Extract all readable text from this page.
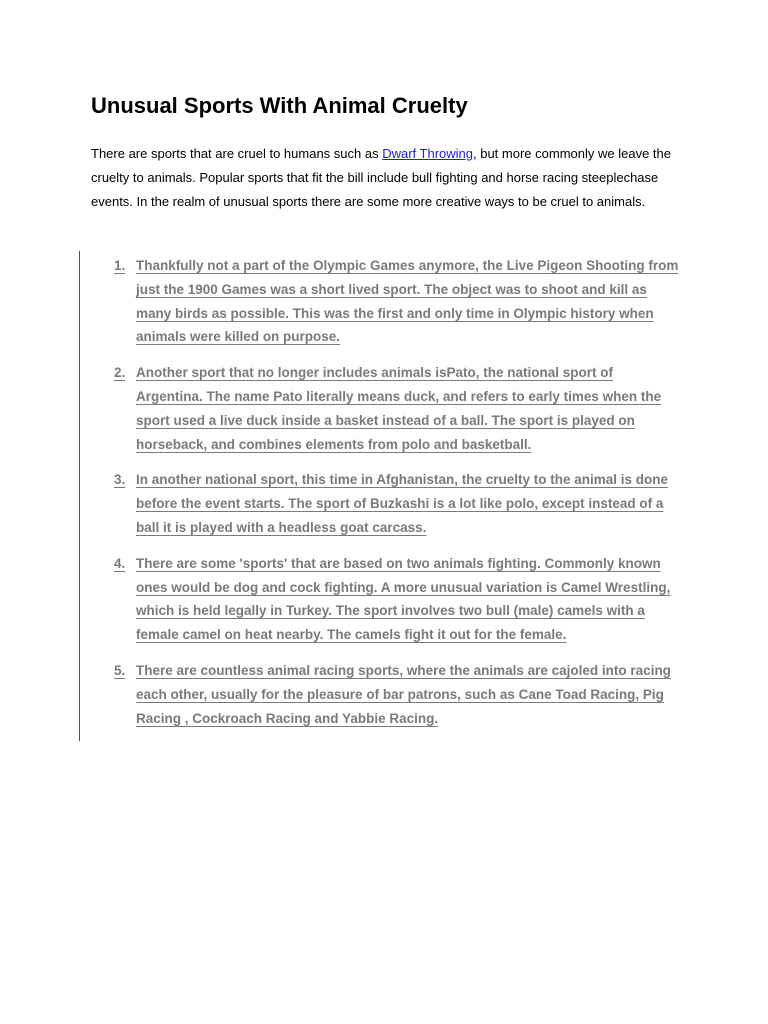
Unusual Sports With Animal Cruelty

There are sports that are cruel to humans such as Dwarf Throwing, but more commonly we leave the cruelty to animals. Popular sports that fit the bill include bull fighting and horse racing steeplechase events. In the realm of unusual sports there are some more creative ways to be cruel to animals.

1. Thankfully not a part of the Olympic Games anymore, the Live Pigeon Shooting from just the 1900 Games was a short lived sport. The object was to shoot and kill as many birds as possible. This was the first and only time in Olympic history when animals were killed on purpose.
2. Another sport that no longer includes animals isPato, the national sport of Argentina. The name Pato literally means duck, and refers to early times when the sport used a live duck inside a basket instead of a ball. The sport is played on horseback, and combines elements from polo and basketball.
3. In another national sport, this time in Afghanistan, the cruelty to the animal is done before the event starts. The sport of Buzkashi is a lot like polo, except instead of a ball it is played with a headless goat carcass.
4. There are some 'sports' that are based on two animals fighting. Commonly known ones would be dog and cock fighting. A more unusual variation is Camel Wrestling, which is held legally in Turkey. The sport involves two bull (male) camels with a female camel on heat nearby. The camels fight it out for the female.
5. There are countless animal racing sports, where the animals are cajoled into racing each other, usually for the pleasure of bar patrons, such as Cane Toad Racing, Pig Racing , Cockroach Racing and Yabbie Racing.
